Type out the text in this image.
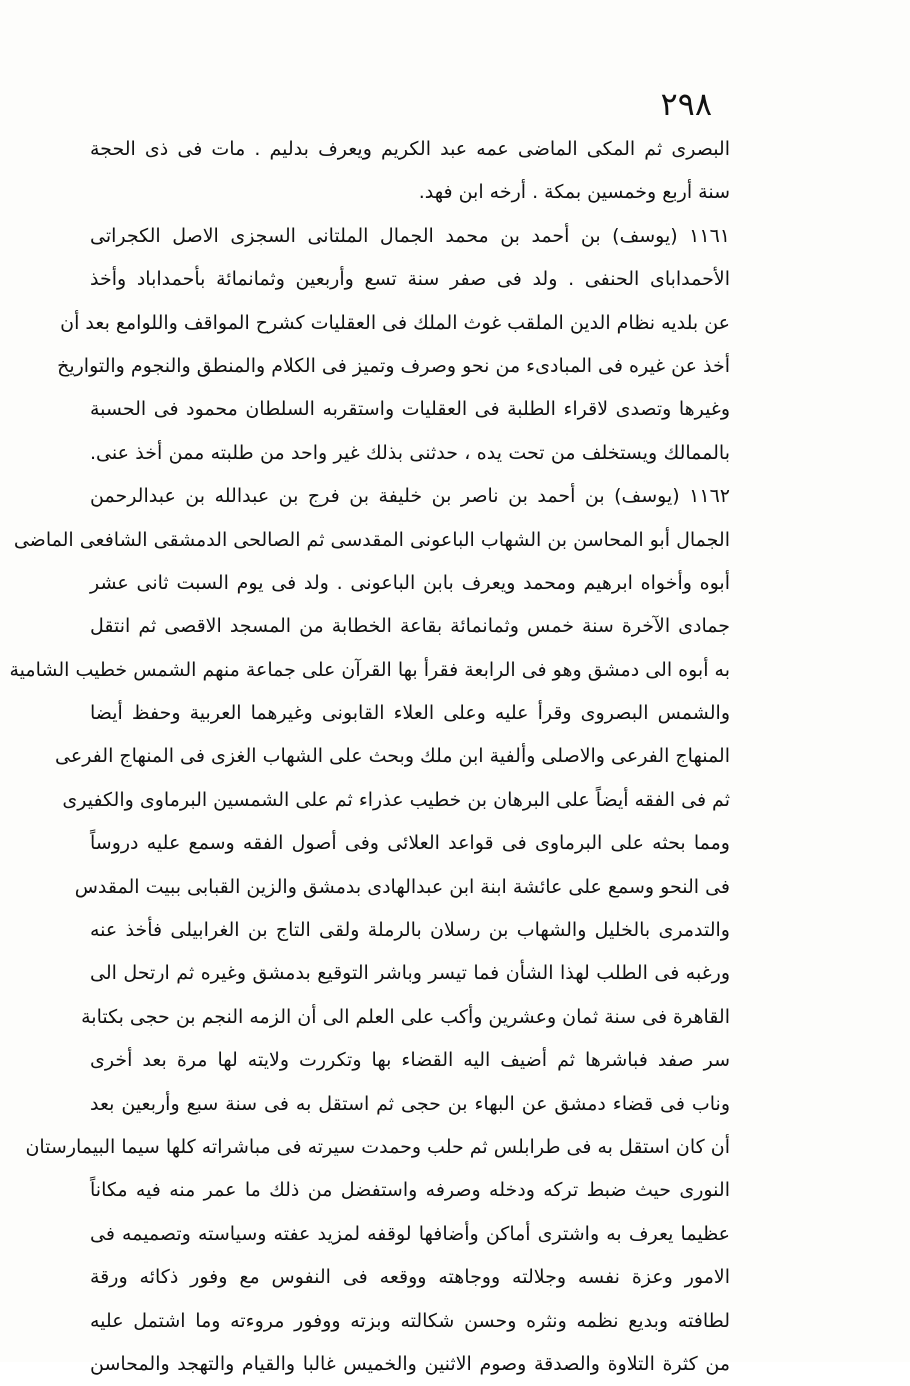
٢٩٨
البصرى ثم المكى الماضى عمه عبد الكريم ويعرف بدليم . مات فى ذى الحجة
سنة أربع وخمسين بمكة . أرخه ابن فهد.
١١٦١ (يوسف) بن أحمد بن محمد الجمال الملتانى السجزى الاصل الكجراتى
الأحمداباى الحنفى . ولد فى صفر سنة تسع وأربعين وثمانمائة بأحمداباد وأخذ
عن بلديه نظام الدين الملقب غوث الملك فى العقليات كشرح المواقف واللوامع بعد أن
أخذ عن غيره فى المبادىء من نحو وصرف وتميز فى الكلام والمنطق والنجوم والتواريخ
وغيرها وتصدى لاقراء الطلبة فى العقليات واستقربه السلطان محمود فى الحسبة
بالممالك ويستخلف من تحت يده ، حدثنى بذلك غير واحد من طلبته ممن أخذ عنى.
١١٦٢ (يوسف) بن أحمد بن ناصر بن خليفة بن فرج بن عبدالله بن عبدالرحمن
الجمال أبو المحاسن بن الشهاب الباعونى المقدسى ثم الصالحى الدمشقى الشافعى الماضى
أبوه وأخواه ابرهيم ومحمد ويعرف بابن الباعونى . ولد فى يوم السبت ثانى عشر
جمادى الآخرة سنة خمس وثمانمائة بقاعة الخطابة من المسجد الاقصى ثم انتقل
به أبوه الى دمشق وهو فى الرابعة فقرأ بها القرآن على جماعة منهم الشمس خطيب الشامية
والشمس البصروى وقرأ عليه وعلى العلاء القابونى وغيرهما العربية وحفظ أيضا
المنهاج الفرعى والاصلى وألفية ابن ملك وبحث على الشهاب الغزى فى المنهاج الفرعى
ثم فى الفقه أيضاً على البرهان بن خطيب عذراء ثم على الشمسين البرماوى والكفيرى
ومما بحثه على البرماوى فى قواعد العلائى وفى أصول الفقه وسمع عليه دروساً
فى النحو وسمع على عائشة ابنة ابن عبدالهادى بدمشق والزين القبابى ببيت المقدس
والتدمرى بالخليل والشهاب بن رسلان بالرملة ولقى التاج بن الغرابيلى فأخذ عنه
ورغبه فى الطلب لهذا الشأن فما تيسر وباشر التوقيع بدمشق وغيره ثم ارتحل الى
القاهرة فى سنة ثمان وعشرين وأكب على العلم الى أن الزمه النجم بن حجى بكتابة
سر صفد فباشرها ثم أضيف اليه القضاء بها وتكررت ولايته لها مرة بعد أخرى
وناب فى قضاء دمشق عن البهاء بن حجى ثم استقل به فى سنة سبع وأربعين بعد
أن كان استقل به فى طرابلس ثم حلب وحمدت سيرته فى مباشراته كلها سيما البيمارستان
النورى حيث ضبط تركه ودخله وصرفه واستفضل من ذلك ما عمر منه فيه مكاناً
عظيما يعرف به واشترى أماكن وأضافها لوقفه لمزيد عفته وسياسته وتصميمه فى
الامور وعزة نفسه وجلالته ووجاهته ووقعه فى النفوس مع وفور ذكائه ورقة
لطافته وبديع نظمه ونثره وحسن شكالته وبزته ووفور مروءته وما اشتمل عليه
من كثرة التلاوة والصدقة وصوم الاثنين والخميس غالبا والقيام والتهجد والمحاسن
